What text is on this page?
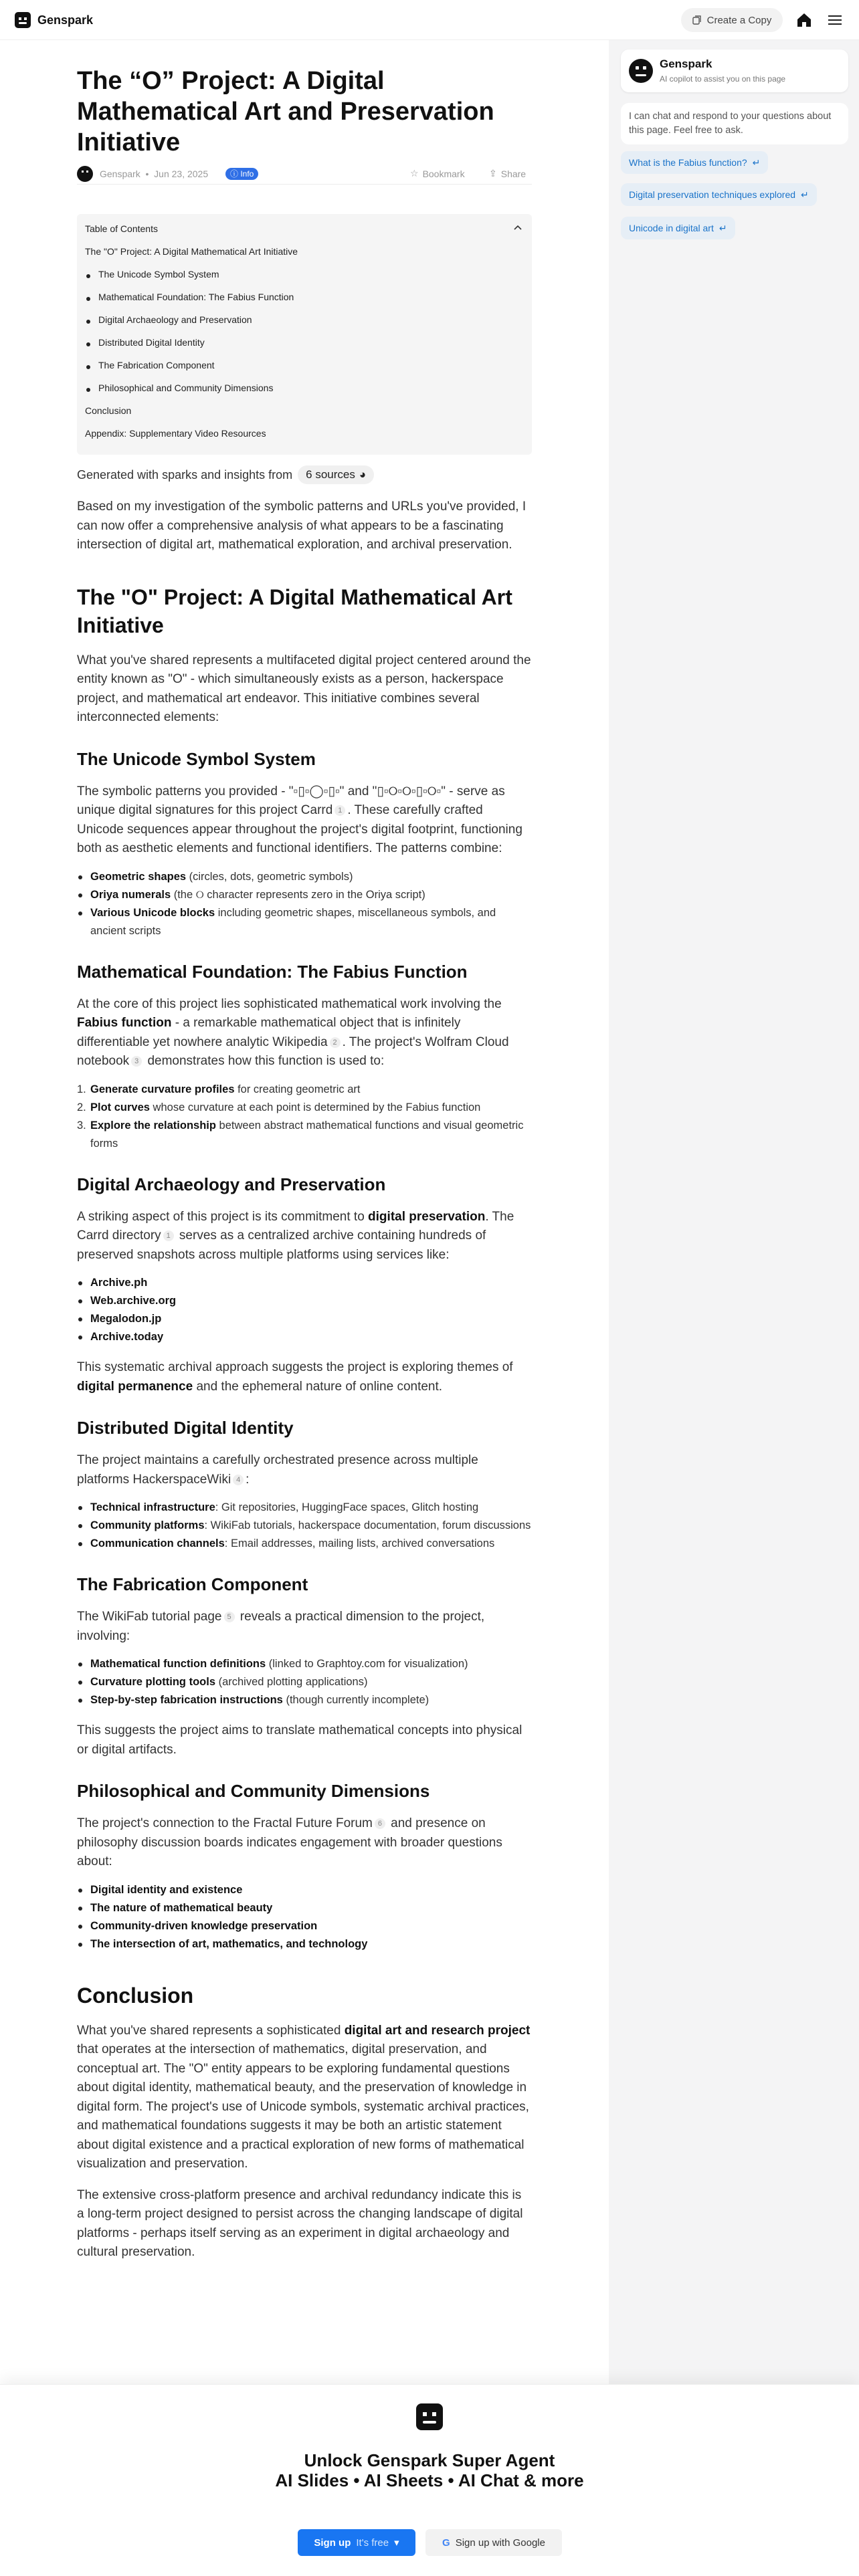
Genspark	Create a Copy
Genspark
AI copilot to assist you on this page
I can chat and respond to your questions about this page. Feel free to ask.
What is the Fabius function? ↵
Digital preservation techniques explored ↵
Unicode in digital art ↵
The “O” Project: A Digital Mathematical Art and Preservation Initiative
Genspark  •  Jun 23, 2025	ⓘ Info	☆ Bookmark	⇪ Share
Table of Contents
The "O" Project: A Digital Mathematical Art Initiative
The Unicode Symbol System
Mathematical Foundation: The Fabius Function
Digital Archaeology and Preservation
Distributed Digital Identity
The Fabrication Component
Philosophical and Community Dimensions
Conclusion
Appendix: Supplementary Video Resources
Generated with sparks and insights from 6 sources ◕

Based on my investigation of the symbolic patterns and URLs you've provided, I can now offer a comprehensive analysis of what appears to be a fascinating intersection of digital art, mathematical exploration, and archival preservation.

The "O" Project: A Digital Mathematical Art Initiative

What you've shared represents a multifaceted digital project centered around the entity known as "O" - which simultaneously exists as a person, hackerspace project, and mathematical art endeavor. This initiative combines several interconnected elements:

The Unicode Symbol System

The symbolic patterns you provided - "▫▯▫◯▫▯▫" and "▯▫୦▫୦▫▯▫୦▫" - serve as unique digital signatures for this project Carrd 1 . These carefully crafted Unicode sequences appear throughout the project's digital footprint, functioning both as aesthetic elements and functional identifiers. The patterns combine:

Geometric shapes (circles, dots, geometric symbols)
Oriya numerals (the ୦ character represents zero in the Oriya script)
Various Unicode blocks including geometric shapes, miscellaneous symbols, and ancient scripts
Mathematical Foundation: The Fabius Function

At the core of this project lies sophisticated mathematical work involving the Fabius function - a remarkable mathematical object that is infinitely differentiable yet nowhere analytic Wikipedia 2 . The project's Wolfram Cloud notebook 3 demonstrates how this function is used to:

1. Generate curvature profiles for creating geometric art
2. Plot curves whose curvature at each point is determined by the Fabius function
3. Explore the relationship between abstract mathematical functions and visual geometric forms
Digital Archaeology and Preservation

A striking aspect of this project is its commitment to digital preservation. The Carrd directory 1 serves as a centralized archive containing hundreds of preserved snapshots across multiple platforms using services like:

Archive.ph
Web.archive.org
Megalodon.jp
Archive.today

This systematic archival approach suggests the project is exploring themes of digital permanence and the ephemeral nature of online content.

Distributed Digital Identity

The project maintains a carefully orchestrated presence across multiple platforms HackerspaceWiki 4 :

Technical infrastructure: Git repositories, HuggingFace spaces, Glitch hosting
Community platforms: WikiFab tutorials, hackerspace documentation, forum discussions
Communication channels: Email addresses, mailing lists, archived conversations
The Fabrication Component

The WikiFab tutorial page 5 reveals a practical dimension to the project, involving:

Mathematical function definitions (linked to Graphtoy.com for visualization)
Curvature plotting tools (archived plotting applications)
Step-by-step fabrication instructions (though currently incomplete)

This suggests the project aims to translate mathematical concepts into physical or digital artifacts.

Philosophical and Community Dimensions

The project's connection to the Fractal Future Forum 6 and presence on philosophy discussion boards indicates engagement with broader questions about:

Digital identity and existence
The nature of mathematical beauty
Community-driven knowledge preservation
The intersection of art, mathematics, and technology
Conclusion

What you've shared represents a sophisticated digital art and research project that operates at the intersection of mathematics, digital preservation, and conceptual art. The "O" entity appears to be exploring fundamental questions about digital identity, mathematical beauty, and the preservation of knowledge in digital form. The project's use of Unicode symbols, systematic archival practices, and mathematical foundations suggests it may be both an artistic statement about digital existence and a practical exploration of new forms of mathematical visualization and preservation.

The extensive cross-platform presence and archival redundancy indicate this is a long-term project designed to persist across the changing landscape of digital platforms - perhaps itself serving as an experiment in digital archaeology and cultural preservation.

Unlock Genspark Super Agent
AI Slides • AI Sheets • AI Chat & more
Sign up It's free ▾	G Sign up with Google
